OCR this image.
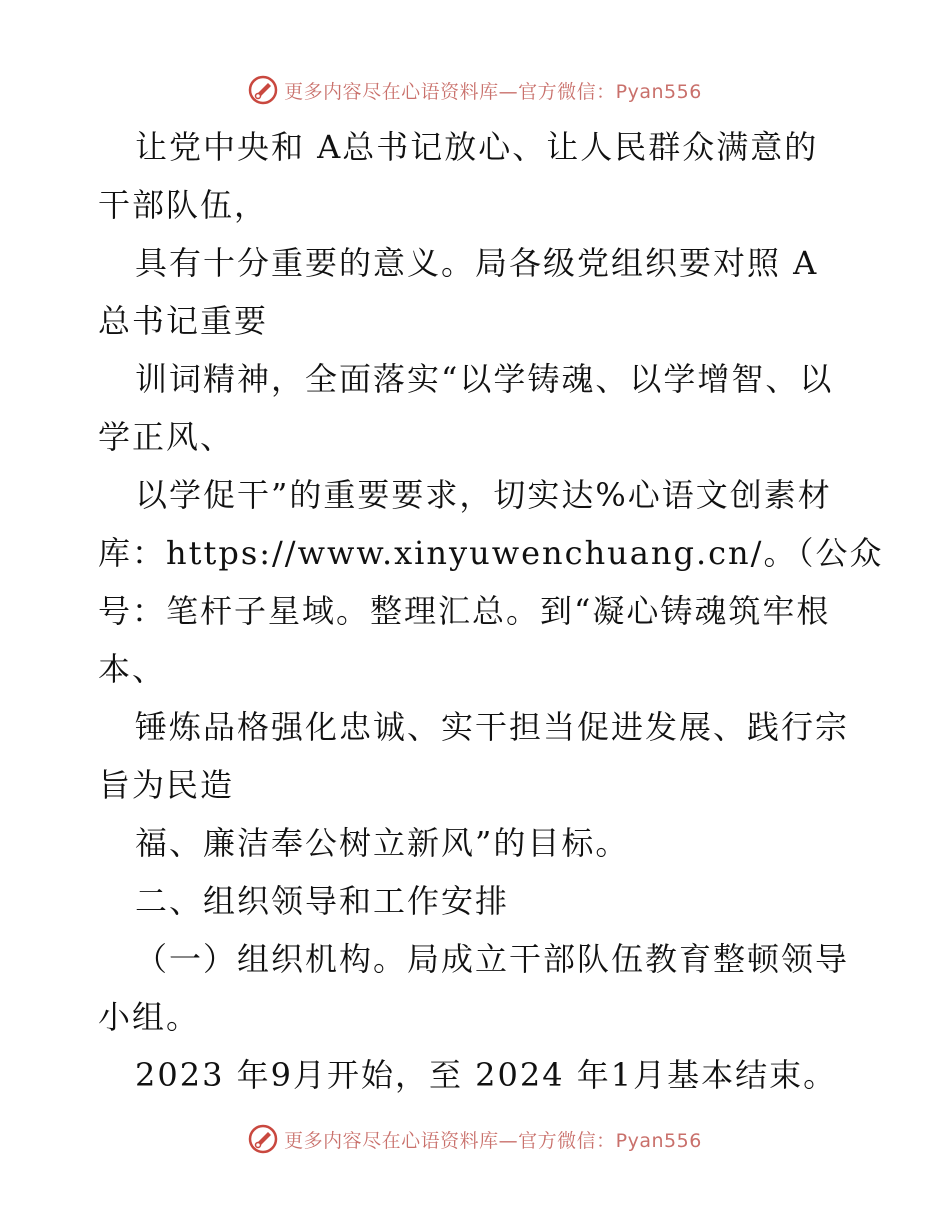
更多内容尽在心语资料库—官方微信：Pyan556
让党中央和 A总书记放心、让人民群众满意的
干部队伍，
具有十分重要的意义。局各级党组织要对照 A
总书记重要
训词精神，全面落实“以学铸魂、以学增智、以
学正风、
以学促干”的重要要求，切实达%心语文创素材
库：https://www.xinyuwenchuang.cn/。（公众
号：笔杆子星域。整理汇总。到“凝心铸魂筑牢根
本、
锤炼品格强化忠诚、实干担当促进发展、践行宗
旨为民造
福、廉洁奉公树立新风”的目标。
二、组织领导和工作安排
（一）组织机构。局成立干部队伍教育整顿领导
小组。
2023 年9月开始，至 2024 年1月基本结束。
更多内容尽在心语资料库—官方微信：Pyan556
